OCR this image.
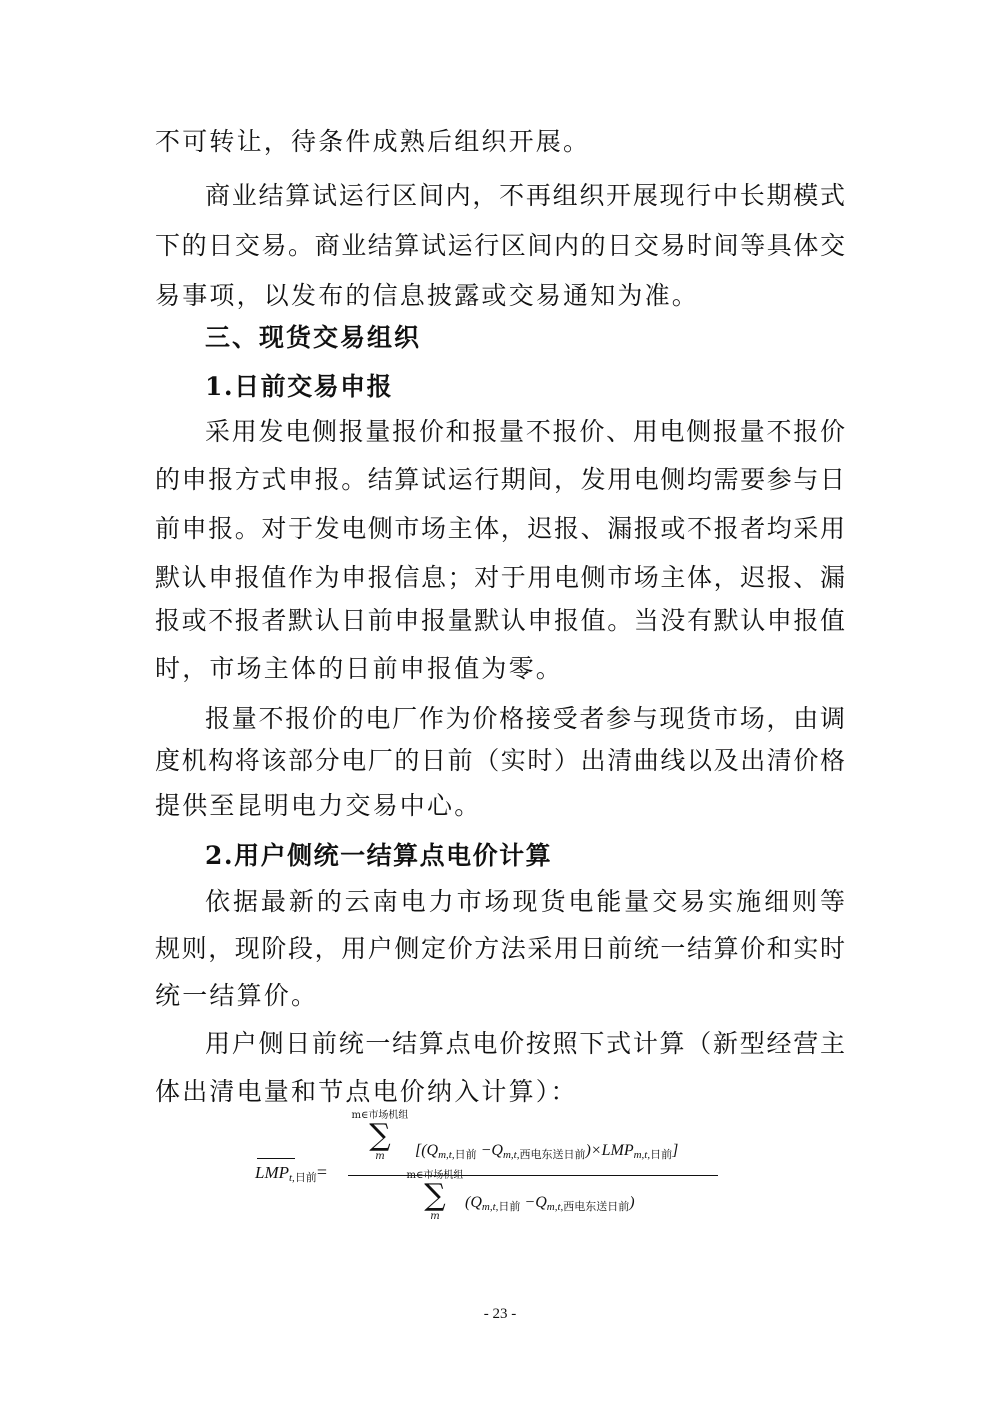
不可转让，待条件成熟后组织开展。
商业结算试运行区间内，不再组织开展现行中长期模式
下的日交易。商业结算试运行区间内的日交易时间等具体交
易事项，以发布的信息披露或交易通知为准。
三、现货交易组织
1.日前交易申报
采用发电侧报量报价和报量不报价、用电侧报量不报价
的申报方式申报。结算试运行期间，发用电侧均需要参与日
前申报。对于发电侧市场主体，迟报、漏报或不报者均采用
默认申报值作为申报信息；对于用电侧市场主体，迟报、漏
报或不报者默认日前申报量默认申报值。当没有默认申报值
时，市场主体的日前申报值为零。
报量不报价的电厂作为价格接受者参与现货市场，由调
度机构将该部分电厂的日前（实时）出清曲线以及出清价格
提供至昆明电力交易中心。
2.用户侧统一结算点电价计算
依据最新的云南电力市场现货电能量交易实施细则等
规则，现阶段，用户侧定价方法采用日前统一结算价和实时
统一结算价。
用户侧日前统一结算点电价按照下式计算（新型经营主
体出清电量和节点电价纳入计算）：
$LMP_{t,日前}=$
m∈市场机组
∑
m	$[(Q_{m,t,日前} -Q_{m,t,西电东送日前})\times LMP_{m,t,日前}]$
m∈市场机组
∑
m
$(Q_{m,t,日前} -Q_{m,t,西电东送日前})$
- 23 -
